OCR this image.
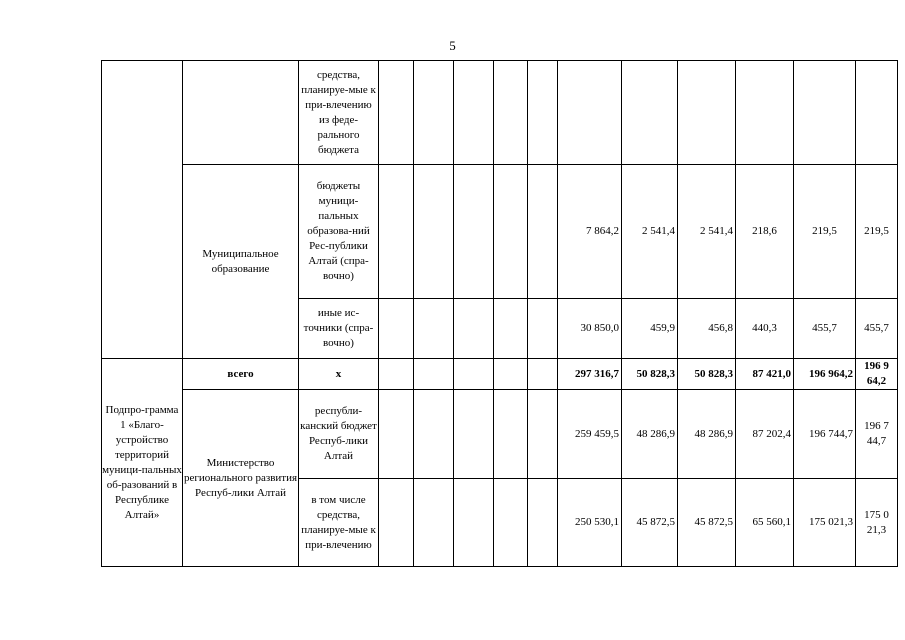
5
		средства, планируе-мые к при-влечению из феде-рального бюджета											
	Муниципальное образование	бюджеты муници-пальных образова-ний Рес-публики Алтай (спра-вочно)						7 864,2	2 541,4	2 541,4	218,6	219,5	219,5
		иные ис-точники (спра-вочно)						30 850,0	459,9	456,8	440,3	455,7	455,7
Подпро-грамма 1 «Благо-устройство территорий муници-пальных об-разований в Республике Алтай»	всего	х						297 316,7	50 828,3	50 828,3	87 421,0	196 964,2	196 9 64,2
	Министерство регионального развития Респуб-лики Алтай	республи-канский бюджет Респуб-лики Алтай						259 459,5	48 286,9	48 286,9	87 202,4	196 744,7	196 7 44,7
		в том числе средства, планируе-мые к при-влечению						250 530,1	45 872,5	45 872,5	65 560,1	175 021,3	175 0 21,3
